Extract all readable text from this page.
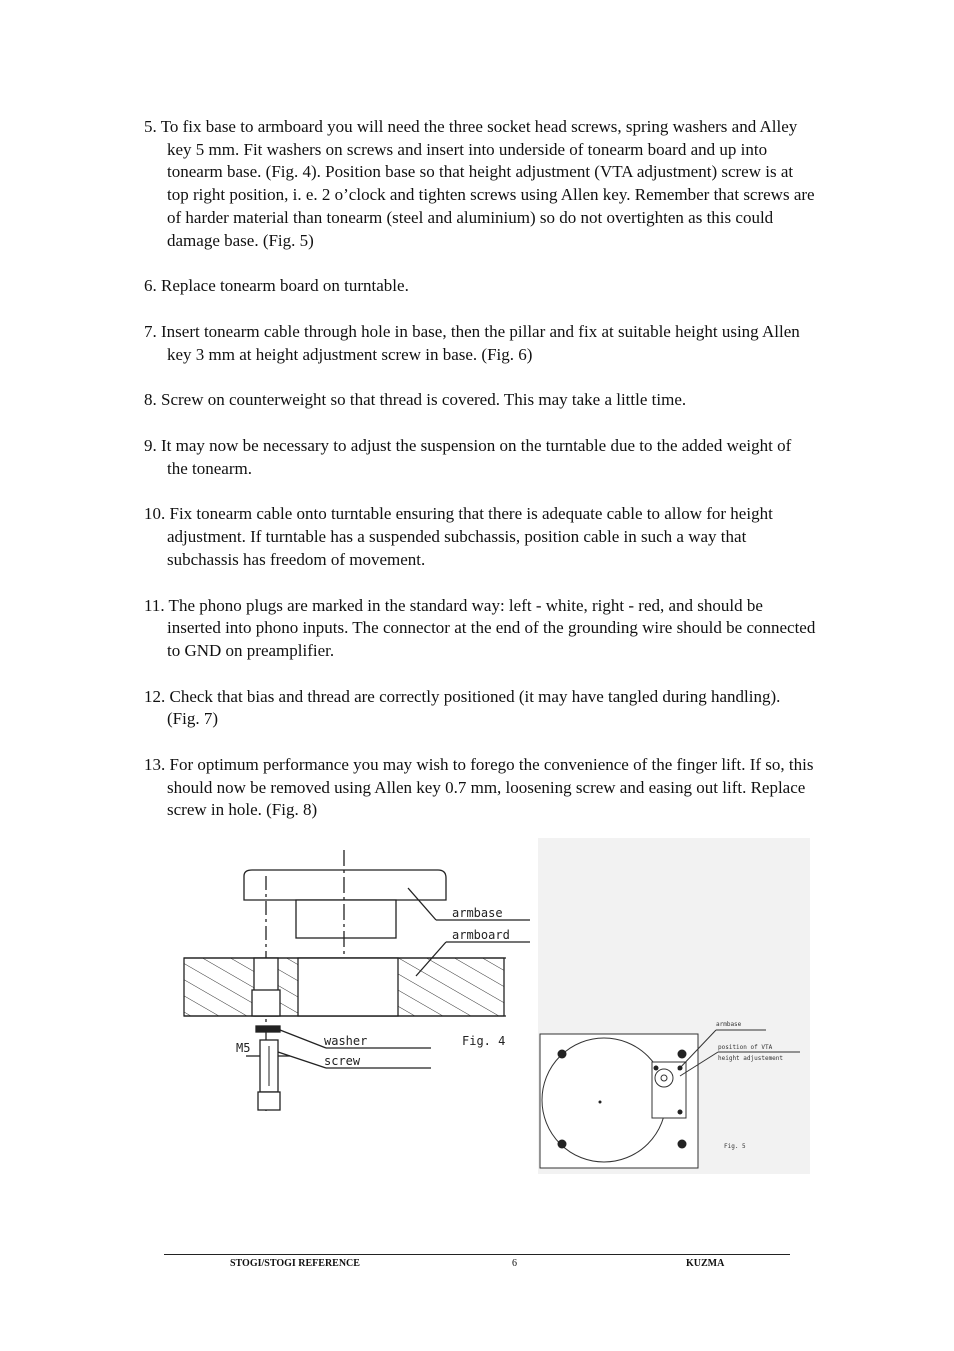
5. To fix base to armboard you will need the three socket head screws, spring washers and Alley key 5 mm. Fit washers on screws and insert into underside of tonearm board and up into tonearm base. (Fig. 4). Position base so that height adjustment (VTA adjustment) screw is at top right position, i. e. 2 o’clock and tighten screws using Allen key. Remember that screws are of harder material than tonearm (steel and aluminium) so do not overtighten as this could damage base. (Fig. 5)

6. Replace tonearm board on turntable.

7. Insert tonearm cable through hole in base, then the pillar and fix at suitable height using Allen key 3 mm at height adjustment screw in base. (Fig. 6)

8. Screw on counterweight so that thread is covered. This may take a little time.

9. It may now be necessary to adjust the suspension on the turntable due to the added weight of the tonearm.

10. Fix tonearm cable onto turntable ensuring that there is adequate cable to allow for height adjustment. If turntable has a suspended subchassis, position cable in such a way that subchassis has freedom of movement.

11. The phono plugs are marked in the standard way: left - white, right - red, and should be inserted into phono inputs. The connector at the end of the grounding wire should be connected to GND on preamplifier.

12. Check that bias and thread are correctly positioned (it may have tangled during handling). (Fig. 7)

13. For optimum performance you may wish to forego the convenience of the finger lift. If so, this should now be removed using Allen key 0.7 mm, loosening screw and easing out lift. Replace screw in hole. (Fig. 8)

armbase
armboard
washer
screw
M5	Fig. 4
armbase
position of VTA
height adjustement
Fig. 5
STOGI/STOGI REFERENCE	6	KUZMA
